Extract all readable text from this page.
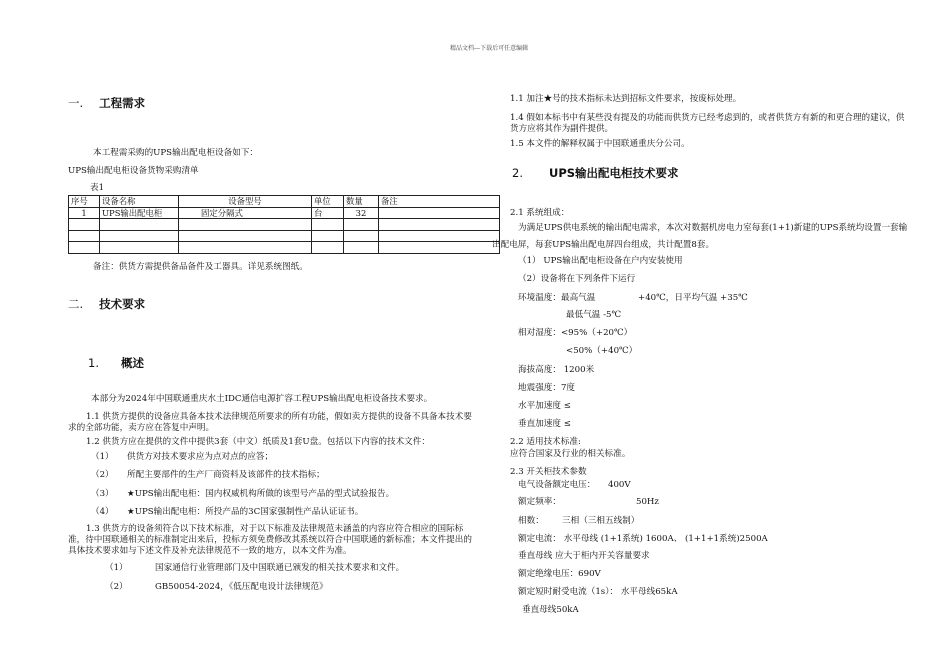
精品文档---下载后可任意编辑
一. 工程需求
本工程需采购的UPS输出配电柜设备如下：
UPS输出配电柜设备货物采购清单
表1
序号	设备名称	设备型号	单位	数量	备注
1	UPS输出配电柜	固定分隔式	台	32	

备注：供货方需提供备品备件及工器具。详见系统图纸。
二. 技术要求
1. 概述
本部分为2024年中国联通重庆水土IDC通信电源扩容工程UPS输出配电柜设备技术要求。
1.1 供货方提供的设备应具备本技术法律规范所要求的所有功能，假如卖方提供的设备不具备本技术要求的全部功能，卖方应在答复中声明。
1.2 供货方应在提供的文件中提供3套（中文）纸质及1套U盘。包括以下内容的技术文件：
（1） 供货方对技术要求应为点对点的应答；
（2） 所配主要部件的生产厂商资料及该部件的技术指标；
（3） ★UPS输出配电柜：国内权威机构所做的该型号产品的型式试验报告。
（4） ★UPS输出配电柜：所投产品的3C国家强制性产品认证证书。
1.3 供货方的设备须符合以下技术标准，对于以下标准及法律规范未涵盖的内容应符合相应的国际标准，待中国联通相关的标准制定出来后，投标方须免费修改其系统以符合中国联通的新标准；本文件提出的具体技术要求如与下述文件及补充法律规范不一致的地方，以本文件为准。
（1）	国家通信行业管理部门及中国联通已颁发的相关技术要求和文件。
（2）	GB50054-2024，《低压配电设计法律规范》
1.1 加注★号的技术指标未达到招标文件要求，按废标处理。
1.4 假如本标书中有某些没有提及的功能而供货方已经考虑到的，或者供货方有新的和更合理的建议，供货方应将其作为副件提供。
1.5 本文件的解释权属于中国联通重庆分公司。
2. UPS输出配电柜技术要求
2.1 系统组成：
为满足UPS供电系统的输出配电需求，本次对数据机房电力室每套(1+1)新建的UPS系统均设置一套输出配电屏，每套UPS输出配电屏四台组成，共计配置8套。
（1） UPS输出配电柜设备在户内安装使用
（2）设备将在下列条件下运行
环境温度：最高气温	+40℃，日平均气温 +35℃
最低气温 -5℃
相对湿度：<95%（+20℃）
<50%（+40℃）
海拔高度： 1200米
地震强度：7度
水平加速度 ≤
垂直加速度 ≤
2.2 适用技术标准:
应符合国家及行业的相关标准。
2.3 开关柜技术参数
电气设备额定电压： 400V
额定频率：	50Hz
相数： 三相（三相五线制）
额定电流： 水平母线 (1+1系统) 1600A、 (1+1+1系统)2500A
垂直母线 应大于柜内开关容量要求
额定绝缘电压：690V
额定短时耐受电流（1s）： 水平母线65kA
垂直母线50kA
